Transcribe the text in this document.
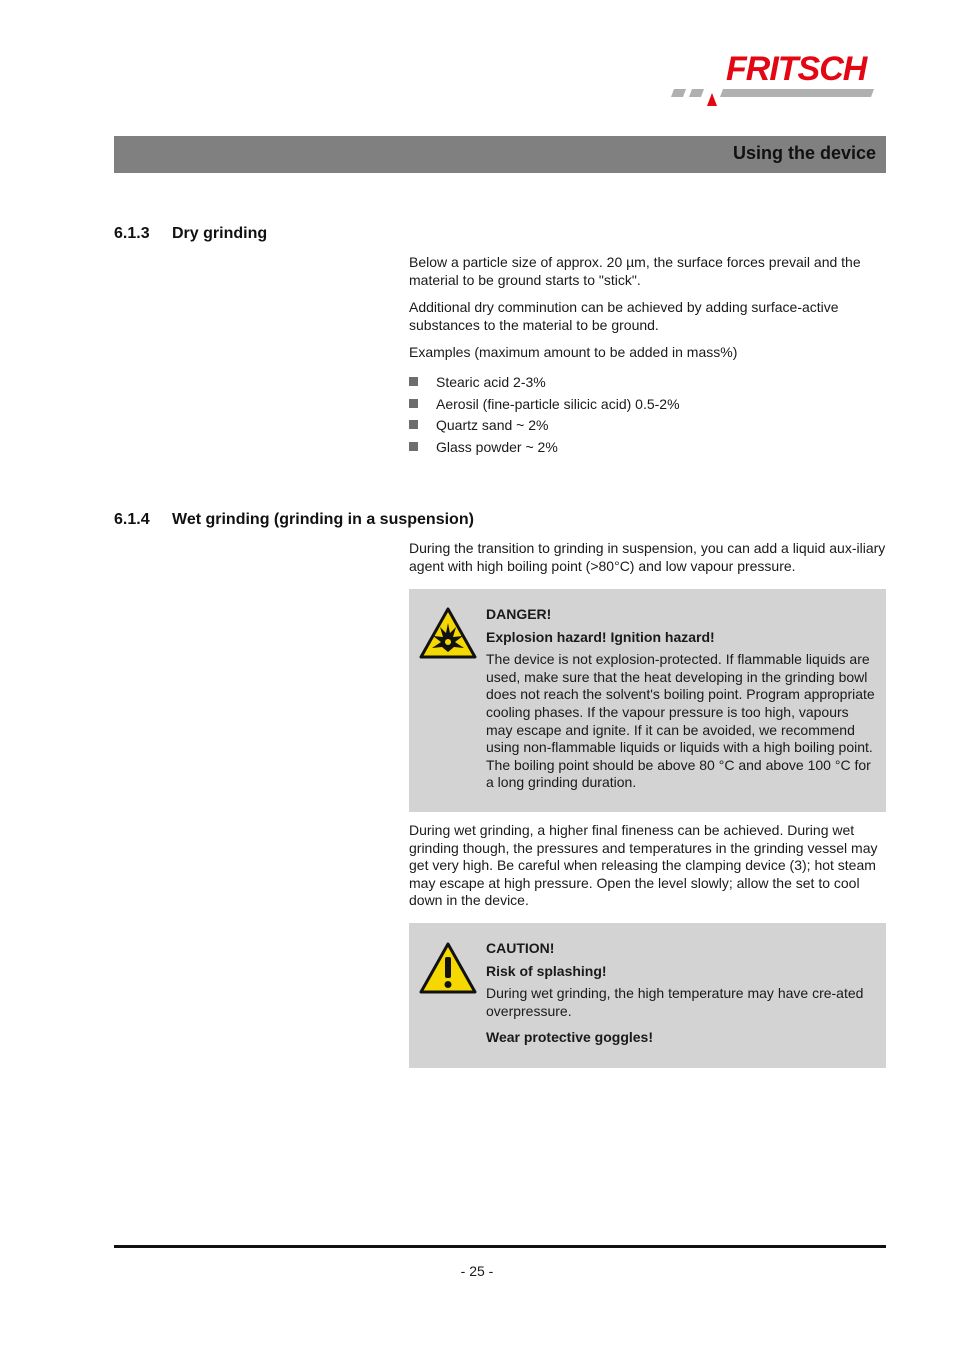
FRITSCH
Using the device
6.1.3 Dry grinding

Below a particle size of approx. 20 µm, the surface forces prevail and the material to be ground starts to "stick".

Additional dry comminution can be achieved by adding surface-active substances to the material to be ground.

Examples (maximum amount to be added in mass%)

Stearic acid 2-3%
Aerosil (fine-particle silicic acid) 0.5-2%
Quartz sand ~ 2%
Glass powder ~ 2%
6.1.4 Wet grinding (grinding in a suspension)

During the transition to grinding in suspension, you can add a liquid aux-iliary agent with high boiling point (>80°C) and low vapour pressure.

DANGER!
Explosion hazard! Ignition hazard!
The device is not explosion-protected. If flammable liquids are used, make sure that the heat developing in the grinding bowl does not reach the solvent's boiling point. Program appropriate cooling phases. If the vapour pressure is too high, vapours may escape and ignite. If it can be avoided, we recommend using non-flammable liquids or liquids with a high boiling point. The boiling point should be above 80 °C and above 100 °C for a long grinding duration.

During wet grinding, a higher final fineness can be achieved. During wet grinding though, the pressures and temperatures in the grinding vessel may get very high. Be careful when releasing the clamping device (3); hot steam may escape at high pressure. Open the level slowly; allow the set to cool down in the device.

CAUTION!
Risk of splashing!
During wet grinding, the high temperature may have cre-ated overpressure.
Wear protective goggles!
- 25 -
